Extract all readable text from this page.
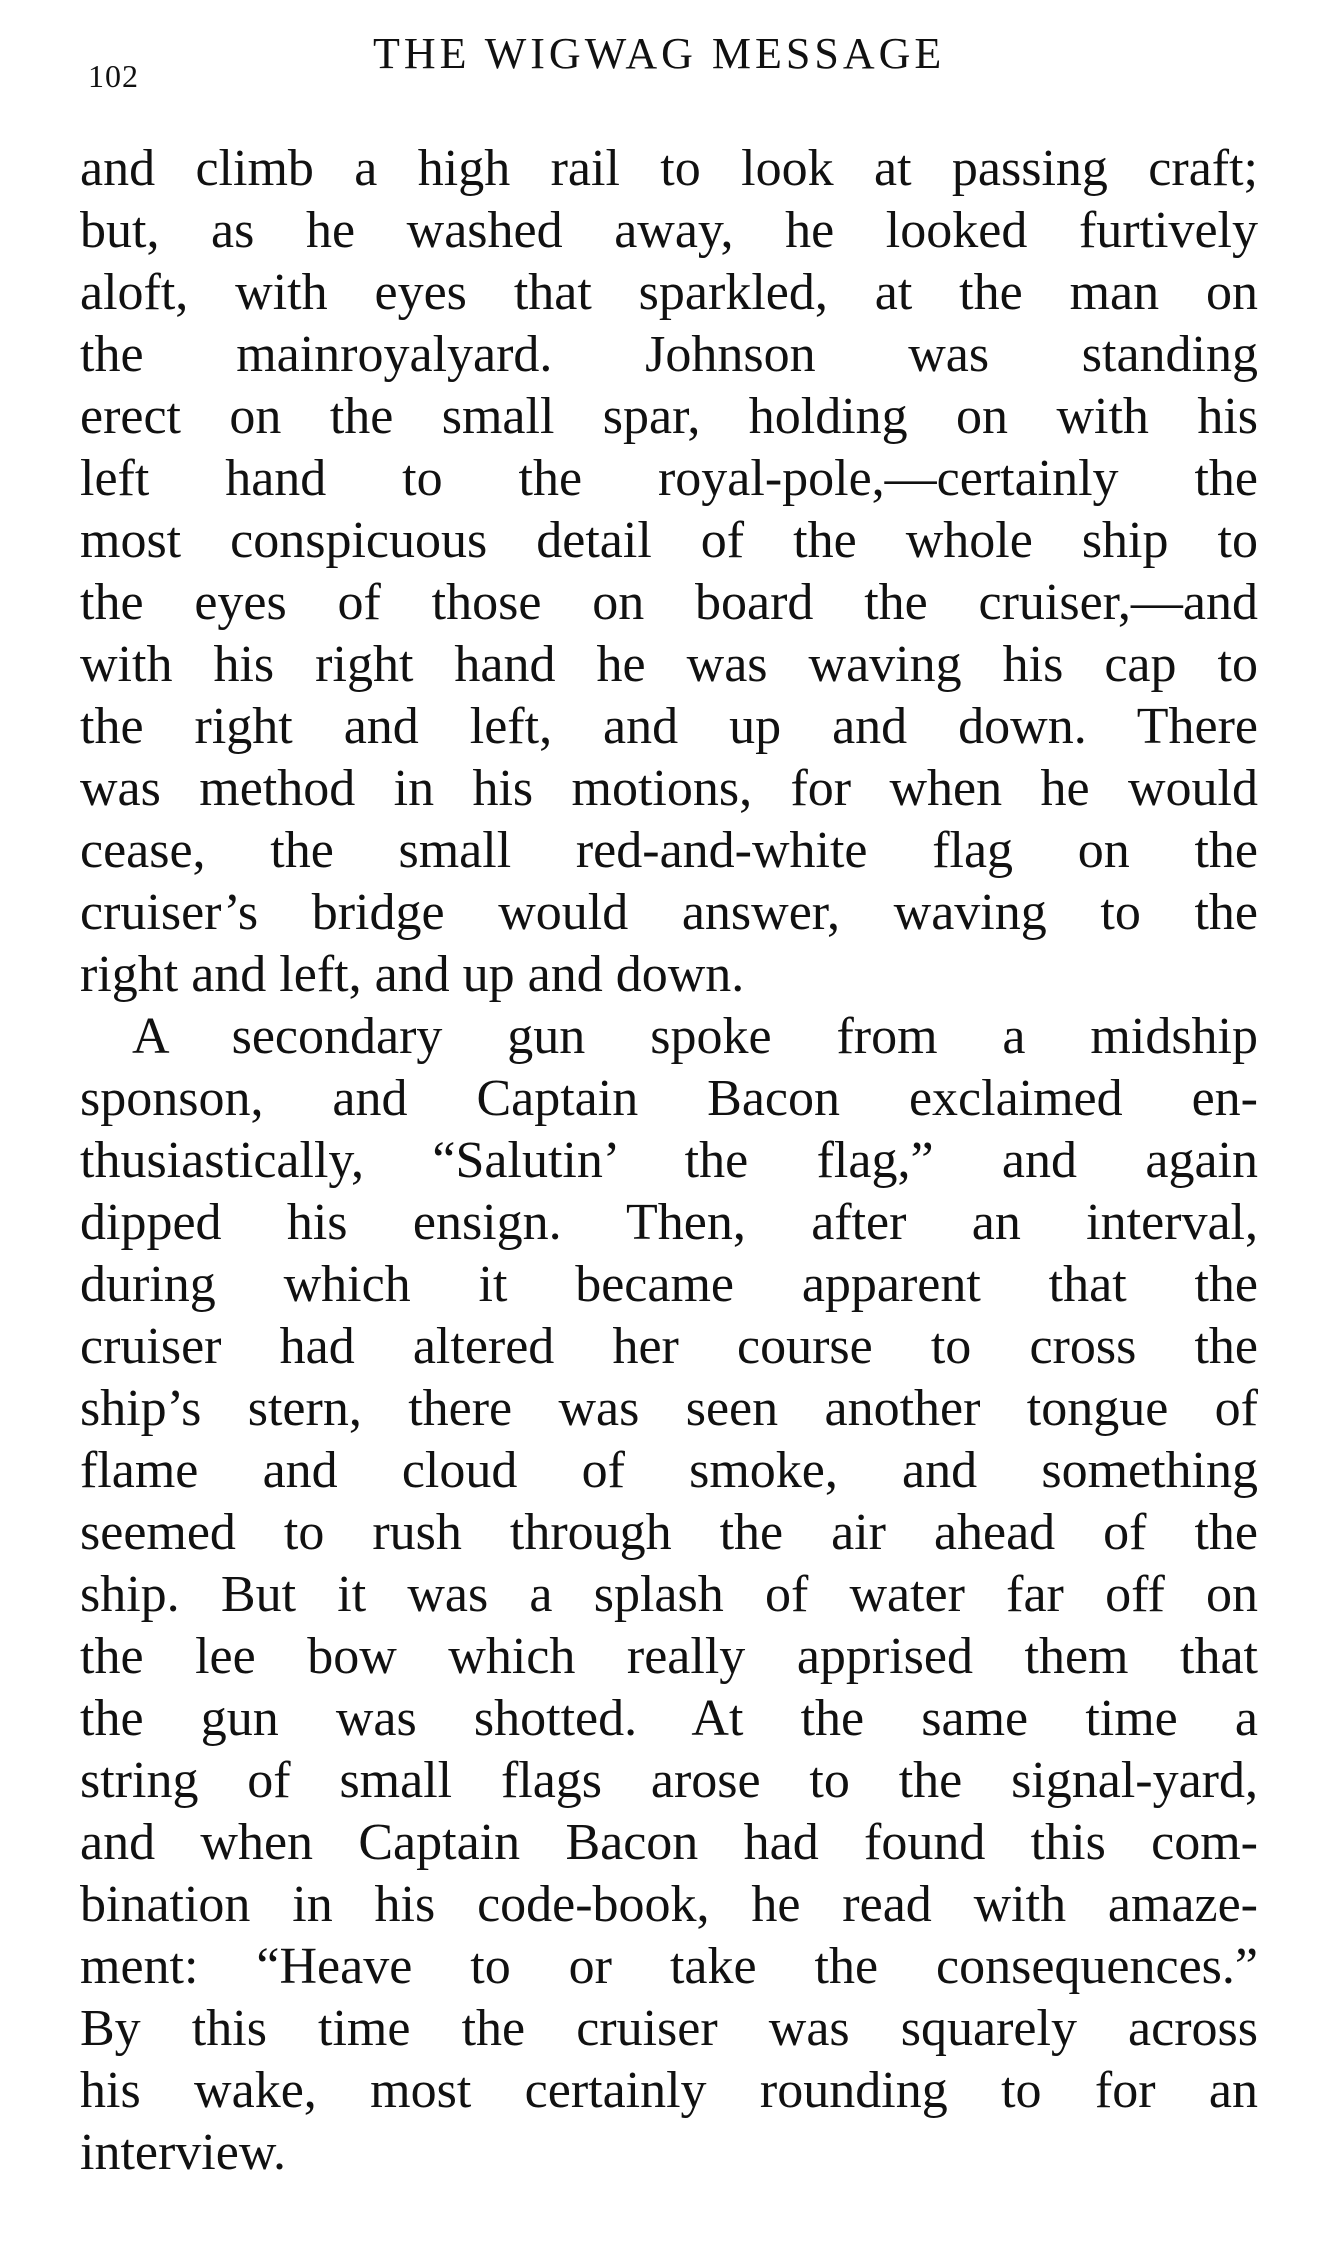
102	THE WIGWAG MESSAGE
and climb a high rail to look at passing craft;
but, as he washed away, he looked furtively
aloft, with eyes that sparkled, at the man on
the mainroyalyard. Johnson was standing
erect on the small spar, holding on with his
left hand to the royal-pole,—certainly the
most conspicuous detail of the whole ship to
the eyes of those on board the cruiser,—and
with his right hand he was waving his cap to
the right and left, and up and down. There
was method in his motions, for when he would
cease, the small red-and-white flag on the
cruiser’s bridge would answer, waving to the
right and left, and up and down.
A secondary gun spoke from a midship
sponson, and Captain Bacon exclaimed en-
thusiastically, “Salutin’ the flag,” and again
dipped his ensign. Then, after an interval,
during which it became apparent that the
cruiser had altered her course to cross the
ship’s stern, there was seen another tongue of
flame and cloud of smoke, and something
seemed to rush through the air ahead of the
ship. But it was a splash of water far off on
the lee bow which really apprised them that
the gun was shotted. At the same time a
string of small flags arose to the signal-yard,
and when Captain Bacon had found this com-
bination in his code-book, he read with amaze-
ment: “Heave to or take the consequences.”
By this time the cruiser was squarely across
his wake, most certainly rounding to for an
interview.
